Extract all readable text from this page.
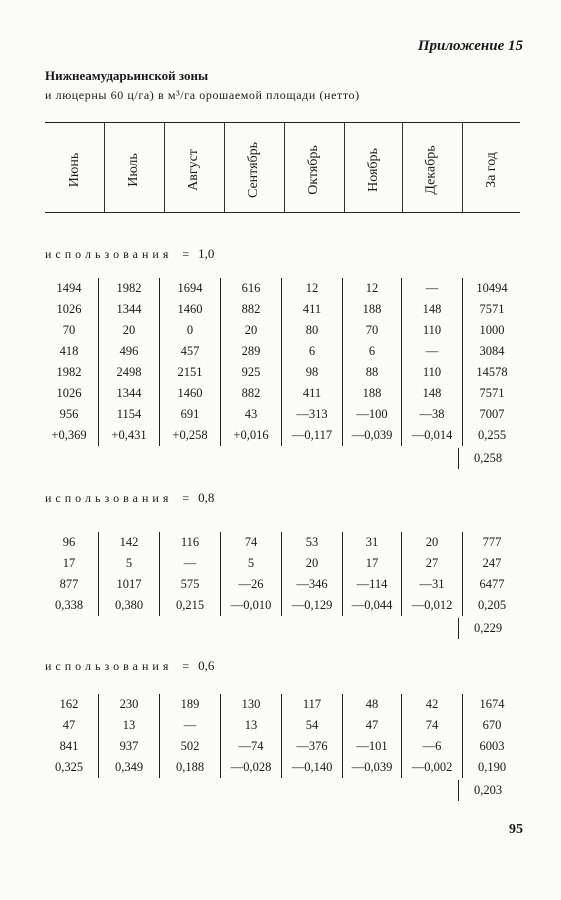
Приложение 15
Нижнеамударьинской зоны
и люцерны 60 ц/га) в м³/га орошаемой площади (нетто)
Июнь	Июль	Август	Сентябрь	Октябрь	Ноябрь	Декабрь	За год
использования = 1,0
1494	1982	1694	616	12	12	—	10494
1026	1344	1460	882	411	188	148	7571
70	20	0	20	80	70	110	1000
418	496	457	289	6	6	—	3084
1982	2498	2151	925	98	88	110	14578
1026	1344	1460	882	411	188	148	7571
956	1154	691	43	—313	—100	—38	7007
+0,369	+0,431	+0,258	+0,016	—0,117	—0,039	—0,014	0,255
0,258
использования = 0,8
96	142	116	74	53	31	20	777
17	5	—	5	20	17	27	247
877	1017	575	—26	—346	—114	—31	6477
0,338	0,380	0,215	—0,010	—0,129	—0,044	—0,012	0,205
0,229
использования = 0,6
162	230	189	130	117	48	42	1674
47	13	—	13	54	47	74	670
841	937	502	—74	—376	—101	—6	6003
0,325	0,349	0,188	—0,028	—0,140	—0,039	—0,002	0,190
0,203
95
